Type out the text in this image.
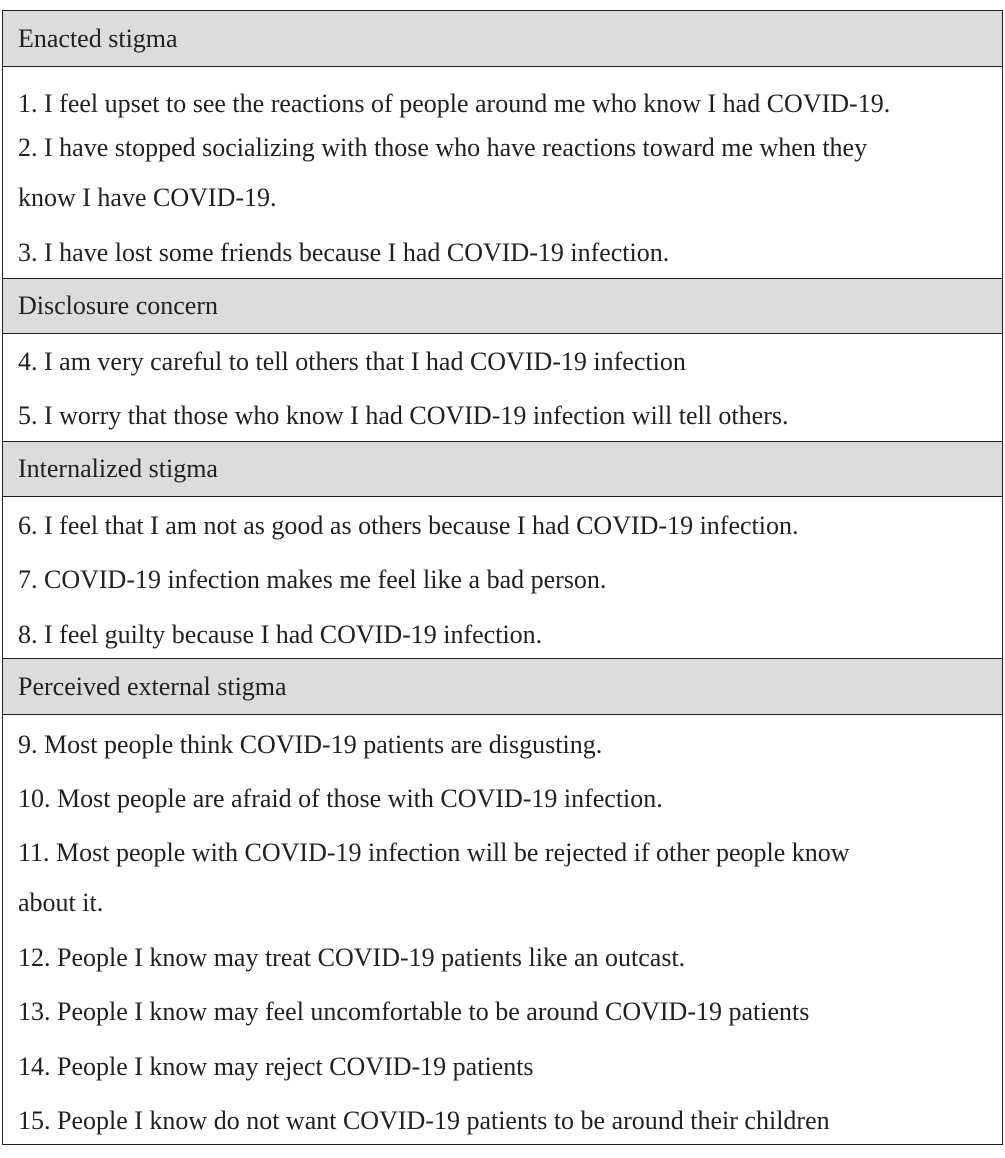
Enacted stigma
1. I feel upset to see the reactions of people around me who know I had COVID-19.
2. I have stopped socializing with those who have reactions toward me when they
know I have COVID-19.
3. I have lost some friends because I had COVID-19 infection.
Disclosure concern
4. I am very careful to tell others that I had COVID-19 infection
5. I worry that those who know I had COVID-19 infection will tell others.
Internalized stigma
6. I feel that I am not as good as others because I had COVID-19 infection.
7. COVID-19 infection makes me feel like a bad person.
8. I feel guilty because I had COVID-19 infection.
Perceived external stigma
9. Most people think COVID-19 patients are disgusting.
10. Most people are afraid of those with COVID-19 infection.
11. Most people with COVID-19 infection will be rejected if other people know
about it.
12. People I know may treat COVID-19 patients like an outcast.
13. People I know may feel uncomfortable to be around COVID-19 patients
14. People I know may reject COVID-19 patients
15. People I know do not want COVID-19 patients to be around their children
